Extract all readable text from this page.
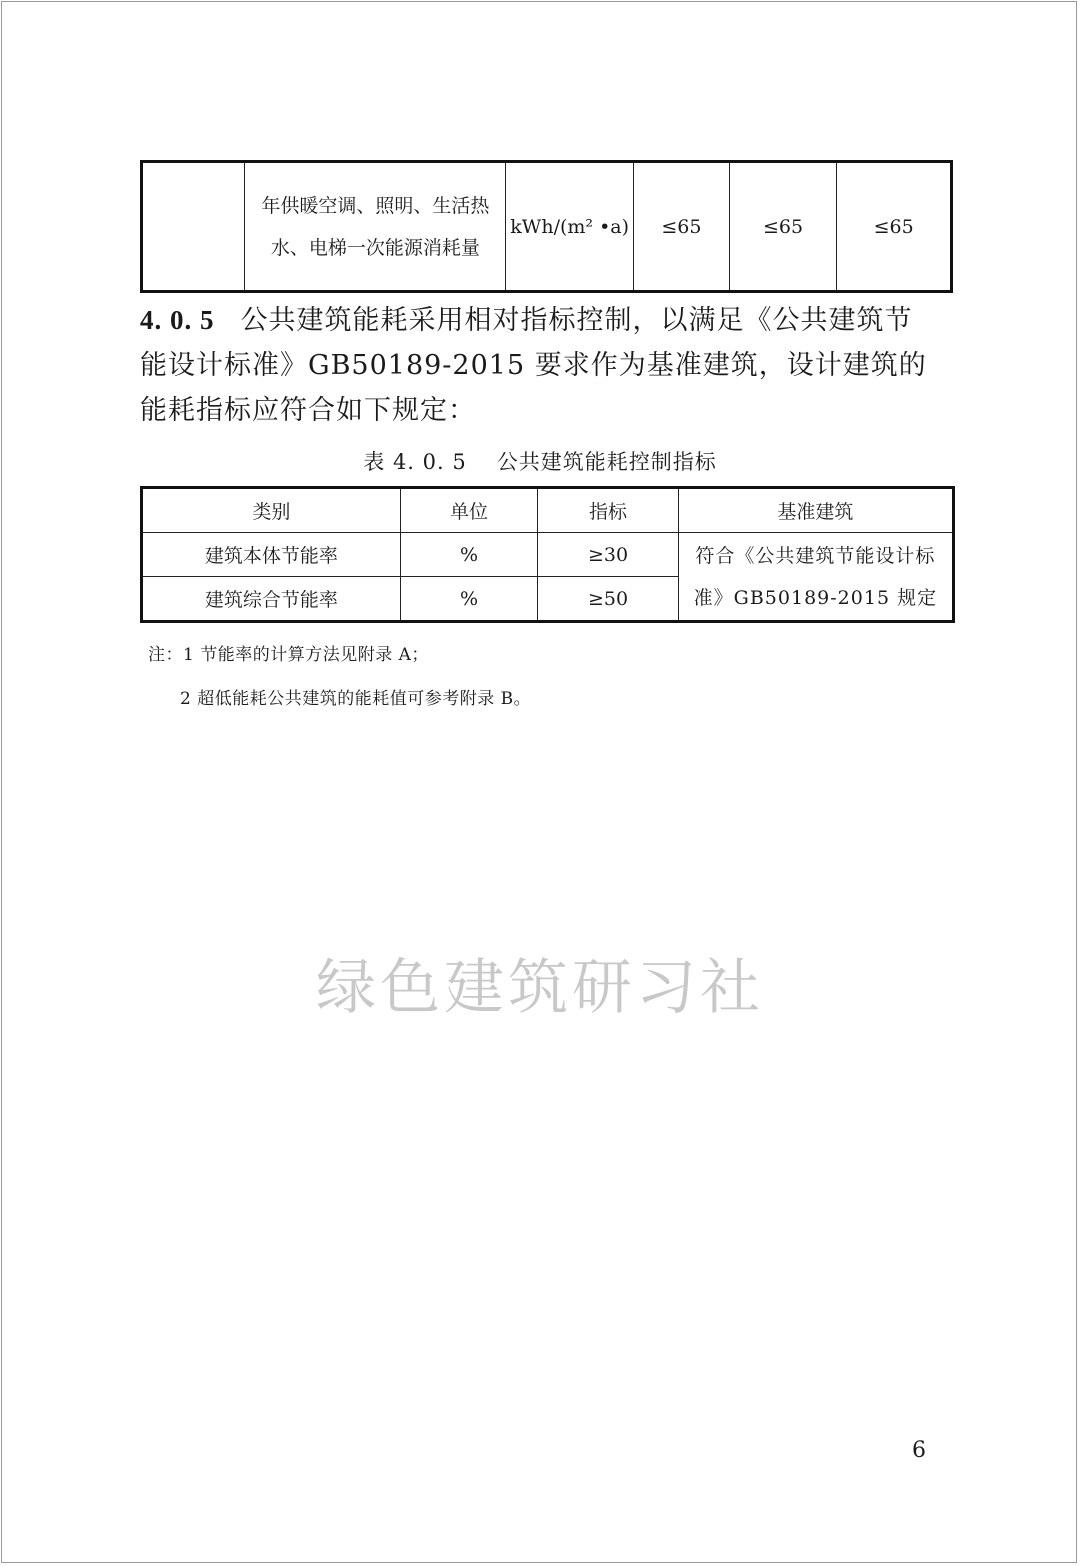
	年供暖空调、照明、生活热水、电梯一次能源消耗量	kWh/(m² •a)	≤65	≤65	≤65
4. 0. 5 公共建筑能耗采用相对指标控制，以满足《公共建筑节能设计标准》GB50189-2015 要求作为基准建筑，设计建筑的能耗指标应符合如下规定：
表 4. 0. 5 公共建筑能耗控制指标
类别	单位	指标	基准建筑
建筑本体节能率	%	≥30	符合《公共建筑节能设计标准》GB50189-2015 规定
建筑综合节能率	%	≥50	
注：1 节能率的计算方法见附录 A；
2 超低能耗公共建筑的能耗值可参考附录 B。
绿色建筑研习社
6
